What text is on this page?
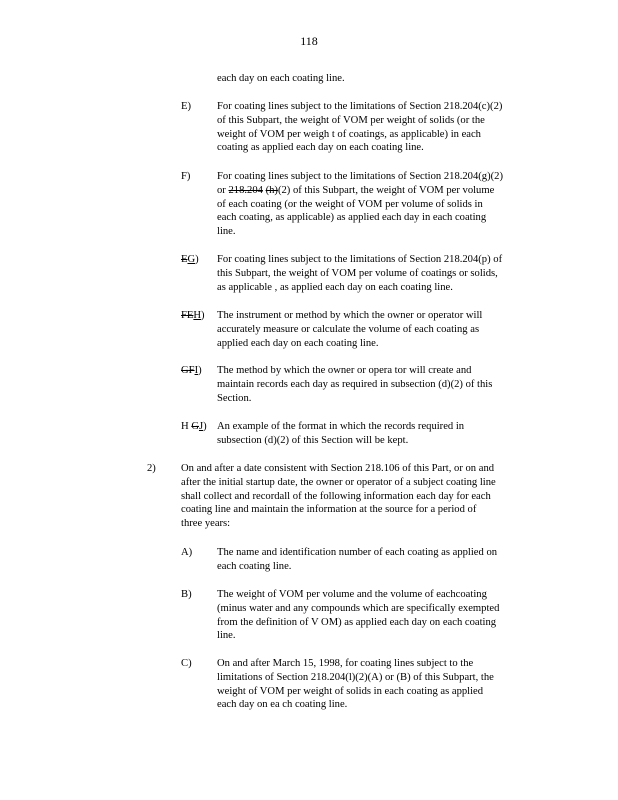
118
each day on each coating line.
E) For coating lines subject to the limitations of Section 218.204(c)(2)
of this Subpart, the weight of VOM per weight of solids (or the
weight of VOM per weigh t of coatings, as applicable) in each
coating as applied each day on each coating line.
F)	For coating lines subject to the limitations of Section 218.204(g)(2)
or 218.204 (h)(2) of this Subpart, the weight of VOM per volume
of each coating (or the weight of VOM per volume of solids in
each coating, as applicable) as applied each day in each coating
line.
EG) For coating lines subject to the limitations of Section 218.204(p) of
this Subpart, the weight of VOM per volume of coatings or solids,
as applicable , as applied each day on each coating line.
FEH) The instrument or method by which the owner or operator will
accurately measure or calculate the volume of each coating as
applied each day on each coating line.
GFI) The method by which the owner or opera tor will create and
maintain records each day as required in subsection (d)(2) of this
Section.
H GJ) An example of the format in which the records required in
subsection (d)(2) of this Section will be kept.
2) On and after a date consistent with Section 218.106 of this Part, or on and
after the initial startup date, the owner or operator of a subject coating line
shall collect and recordall of the following information each day for each
coating line and maintain the information at the source for a period of
three years:
A) The name and identification number of each coating as applied on
each coating line.
B) The weight of VOM per volume and the volume of eachcoating
(minus water and any compounds which are specifically exempted
from the definition of V OM) as applied each day on each coating
line.
C) On and after March 15, 1998, for coating lines subject to the
limitations of Section 218.204(l)(2)(A) or (B) of this Subpart, the
weight of VOM per weight of solids in each coating as applied
each day on ea ch coating line.
